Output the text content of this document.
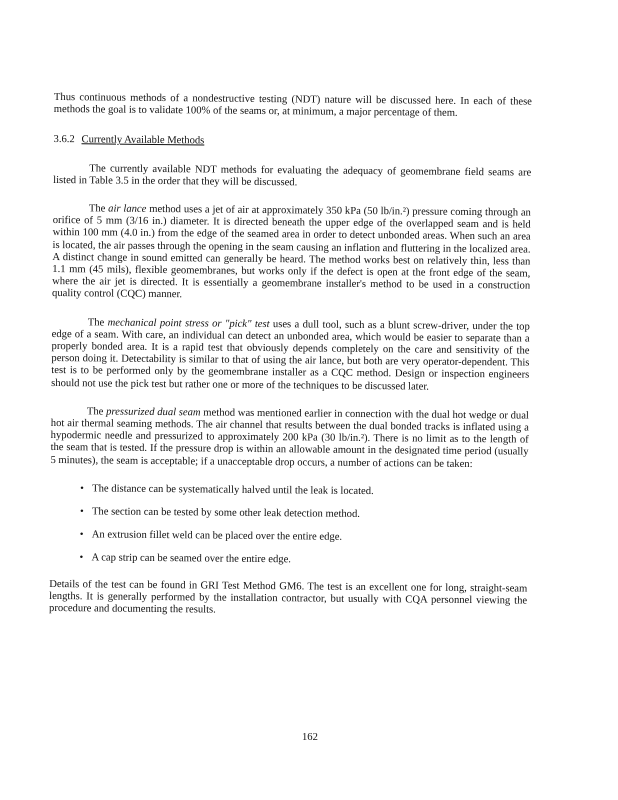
Thus continuous methods of a nondestructive testing (NDT) nature will be discussed here. In each of these methods the goal is to validate 100% of the seams or, at minimum, a major percentage of them.

3.6.2 Currently Available Methods

The currently available NDT methods for evaluating the adequacy of geomembrane field seams are listed in Table 3.5 in the order that they will be discussed.

The air lance method uses a jet of air at approximately 350 kPa (50 lb/in.²) pressure coming through an orifice of 5 mm (3/16 in.) diameter. It is directed beneath the upper edge of the overlapped seam and is held within 100 mm (4.0 in.) from the edge of the seamed area in order to detect unbonded areas. When such an area is located, the air passes through the opening in the seam causing an inflation and fluttering in the localized area. A distinct change in sound emitted can generally be heard. The method works best on relatively thin, less than 1.1 mm (45 mils), flexible geomembranes, but works only if the defect is open at the front edge of the seam, where the air jet is directed. It is essentially a geomembrane installer's method to be used in a construction quality control (CQC) manner.

The mechanical point stress or "pick" test uses a dull tool, such as a blunt screw-driver, under the top edge of a seam. With care, an individual can detect an unbonded area, which would be easier to separate than a properly bonded area. It is a rapid test that obviously depends completely on the care and sensitivity of the person doing it. Detectability is similar to that of using the air lance, but both are very operator-dependent. This test is to be performed only by the geomembrane installer as a CQC method. Design or inspection engineers should not use the pick test but rather one or more of the techniques to be discussed later.

The pressurized dual seam method was mentioned earlier in connection with the dual hot wedge or dual hot air thermal seaming methods. The air channel that results between the dual bonded tracks is inflated using a hypodermic needle and pressurized to approximately 200 kPa (30 lb/in.²). There is no limit as to the length of the seam that is tested. If the pressure drop is within an allowable amount in the designated time period (usually 5 minutes), the seam is acceptable; if a unacceptable drop occurs, a number of actions can be taken:

• The distance can be systematically halved until the leak is located.
• The section can be tested by some other leak detection method.
• An extrusion fillet weld can be placed over the entire edge.
• A cap strip can be seamed over the entire edge.

Details of the test can be found in GRI Test Method GM6. The test is an excellent one for long, straight-seam lengths. It is generally performed by the installation contractor, but usually with CQA personnel viewing the procedure and documenting the results.

162
